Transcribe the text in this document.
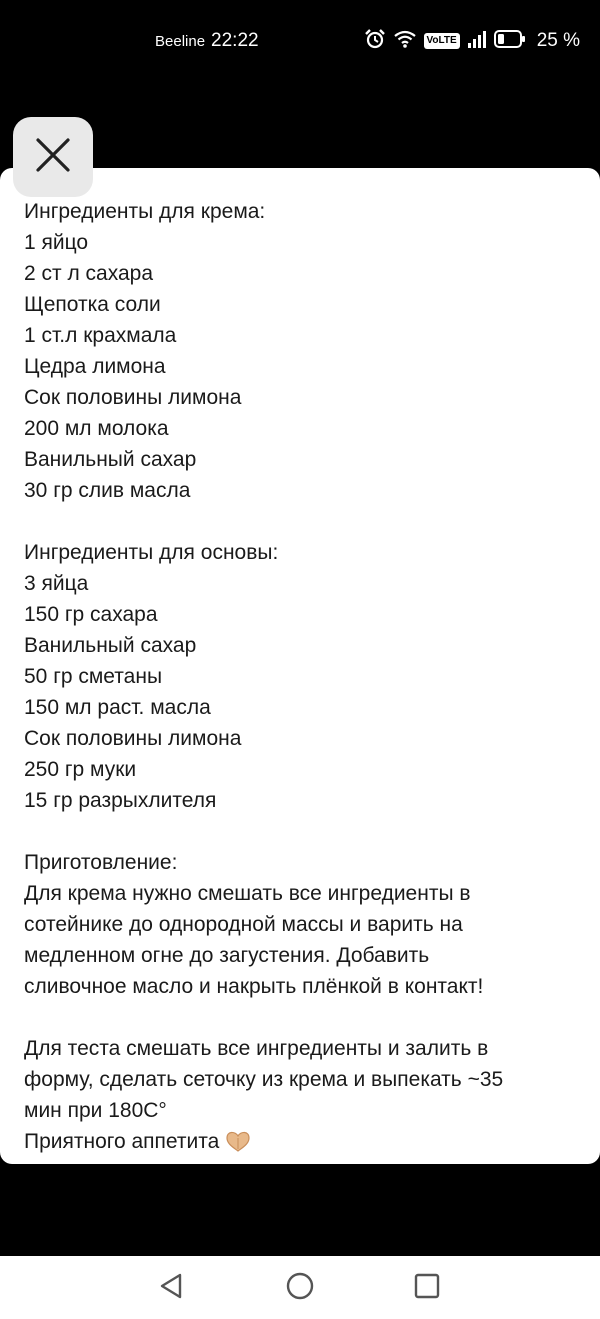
Beeline 22:22	VoLTE	25 %
Ингредиенты для крема:
1 яйцо
2 ст л сахара
Щепотка соли
1 ст.л крахмала
Цедра лимона
Сок половины лимона
200 мл молока
Ванильный сахар
30 гр слив масла
Ингредиенты для основы:
3 яйца
150 гр сахара
Ванильный сахар
50 гр сметаны
150 мл раст. масла
Сок половины лимона
250 гр муки
15 гр разрыхлителя
Приготовление:
Для крема нужно смешать все ингредиенты в
сотейнике до однородной массы и варить на
медленном огне до загустения. Добавить
сливочное масло и накрыть плёнкой в контакт!
Для теста смешать все ингредиенты и залить в
форму, сделать сеточку из крема и выпекать ~35
мин при 180С°
Приятного аппетита
